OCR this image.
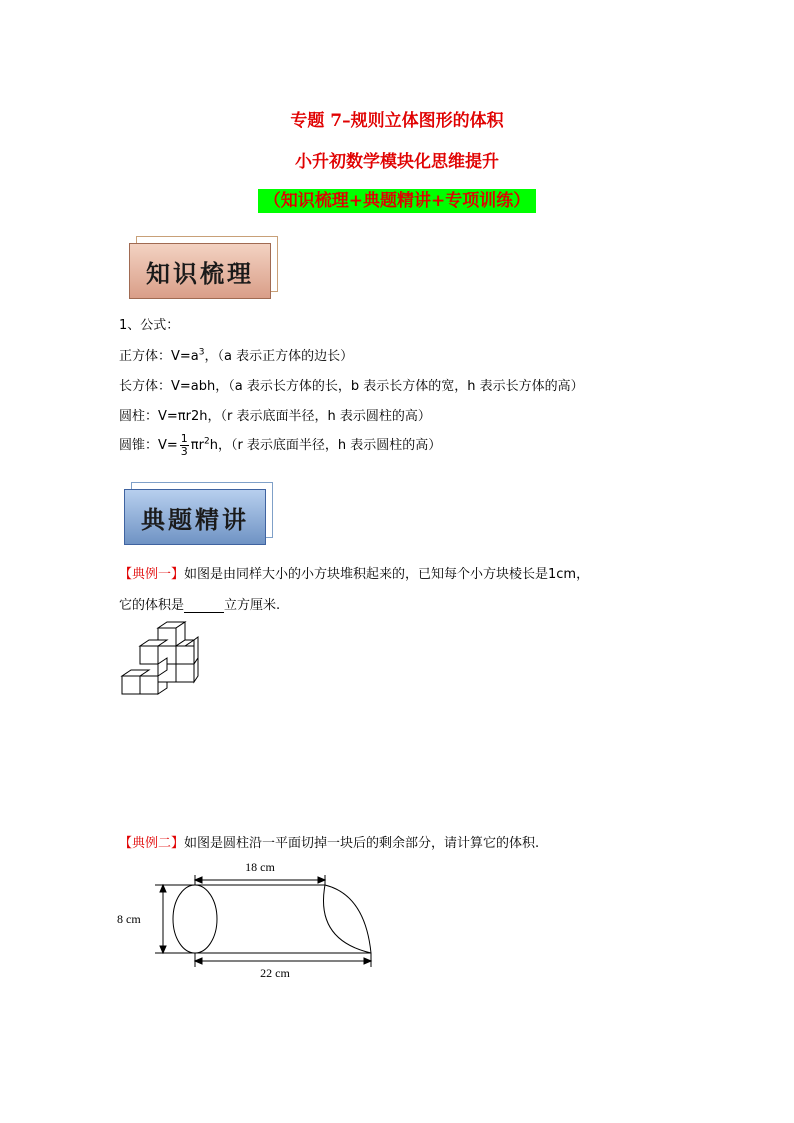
专题 7–规则立体图形的体积
小升初数学模块化思维提升
（知识梳理+典题精讲+专项训练）
知识梳理
1、公式：
正方体：$V=a^3$，（a 表示正方体的边长）
长方体：V=abh，（a 表示长方体的长，b 表示长方体的宽，h 表示长方体的高）
圆柱：V=πr2h，（r 表示底面半径，h 表示圆柱的高）
圆锥：$V= \frac{1}{3} \pi r^2h$，（r 表示底面半径，h 表示圆柱的高）
典题精讲
【典例一】如图是由同样大小的小方块堆积起来的，已知每个小方块棱长是1cm，
它的体积是	立方厘米.
【典例二】如图是圆柱沿一平面切掉一块后的剩余部分，请计算它的体积.
18 cm
8 cm
22 cm
